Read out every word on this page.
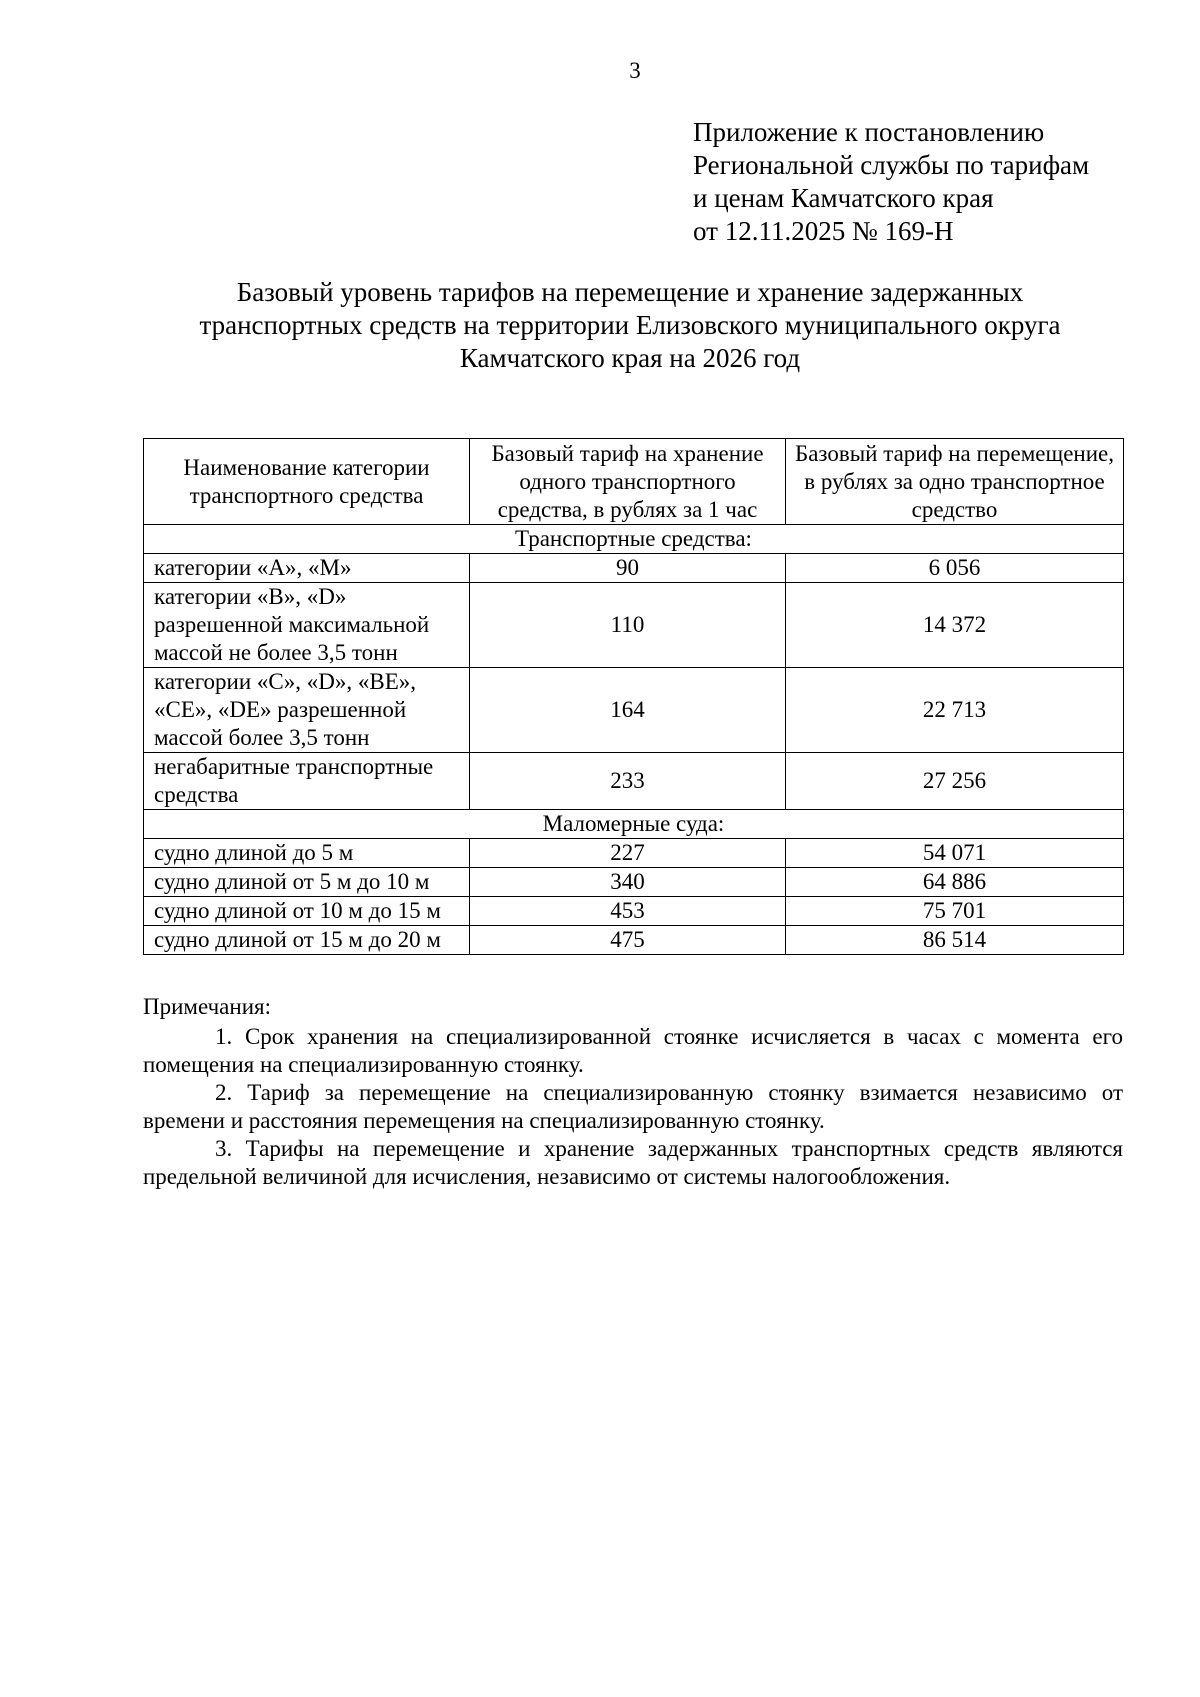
3
Приложение к постановлению
Региональной службы по тарифам
и ценам Камчатского края
от 12.11.2025 № 169-Н
Базовый уровень тарифов на перемещение и хранение задержанных
транспортных средств на территории Елизовского муниципального округа
Камчатского края на 2026 год
Наименование категории транспортного средства	Базовый тариф на хранение одного транспортного средства, в рублях за 1 час	Базовый тариф на перемещение, в рублях за одно транспортное средство
Транспортные средства:		
категории «A», «M»	90	6 056
категории «B», «D» разрешенной максимальной массой не более 3,5 тонн	110	14 372
категории «C», «D», «BE», «CE», «DE» разрешенной массой более 3,5 тонн	164	22 713
негабаритные транспортные средства	233	27 256
Маломерные суда:		
судно длиной до 5 м	227	54 071
судно длиной от 5 м до 10 м	340	64 886
судно длиной от 10 м до 15 м	453	75 701
судно длиной от 15 м до 20 м	475	86 514
Примечания:

1. Срок хранения на специализированной стоянке исчисляется в часах с момента его помещения на специализированную стоянку.

2. Тариф за перемещение на специализированную стоянку взимается независимо от времени и расстояния перемещения на специализированную стоянку.

3. Тарифы на перемещение и хранение задержанных транспортных средств являются предельной величиной для исчисления, независимо от системы налогообложения.
